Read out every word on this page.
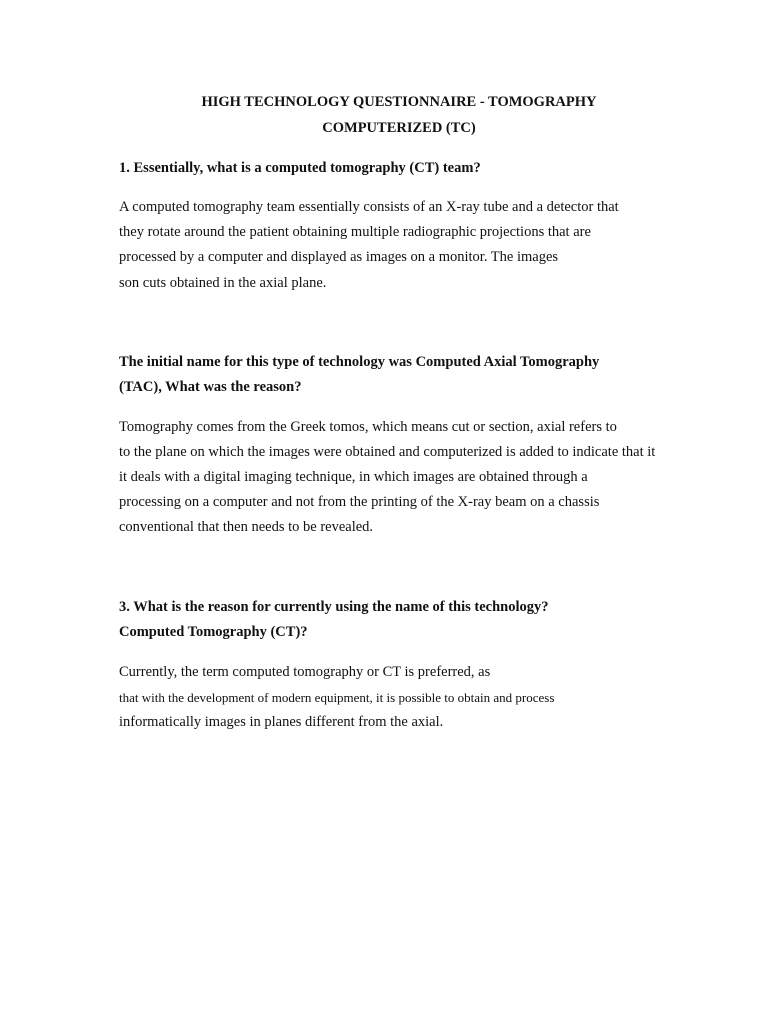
HIGH TECHNOLOGY QUESTIONNAIRE - TOMOGRAPHY

COMPUTERIZED (TC)

1. Essentially, what is a computed tomography (CT) team?

A computed tomography team essentially consists of an X-ray tube and a detector that

they rotate around the patient obtaining multiple radiographic projections that are

processed by a computer and displayed as images on a monitor. The images

son cuts obtained in the axial plane.

The initial name for this type of technology was Computed Axial Tomography

(TAC), What was the reason?

Tomography comes from the Greek tomos, which means cut or section, axial refers to

to the plane on which the images were obtained and computerized is added to indicate that it

it deals with a digital imaging technique, in which images are obtained through a

processing on a computer and not from the printing of the X-ray beam on a chassis

conventional that then needs to be revealed.

3. What is the reason for currently using the name of this technology?

Computed Tomography (CT)?

Currently, the term computed tomography or CT is preferred, as

that with the development of modern equipment, it is possible to obtain and process

informatically images in planes different from the axial.
